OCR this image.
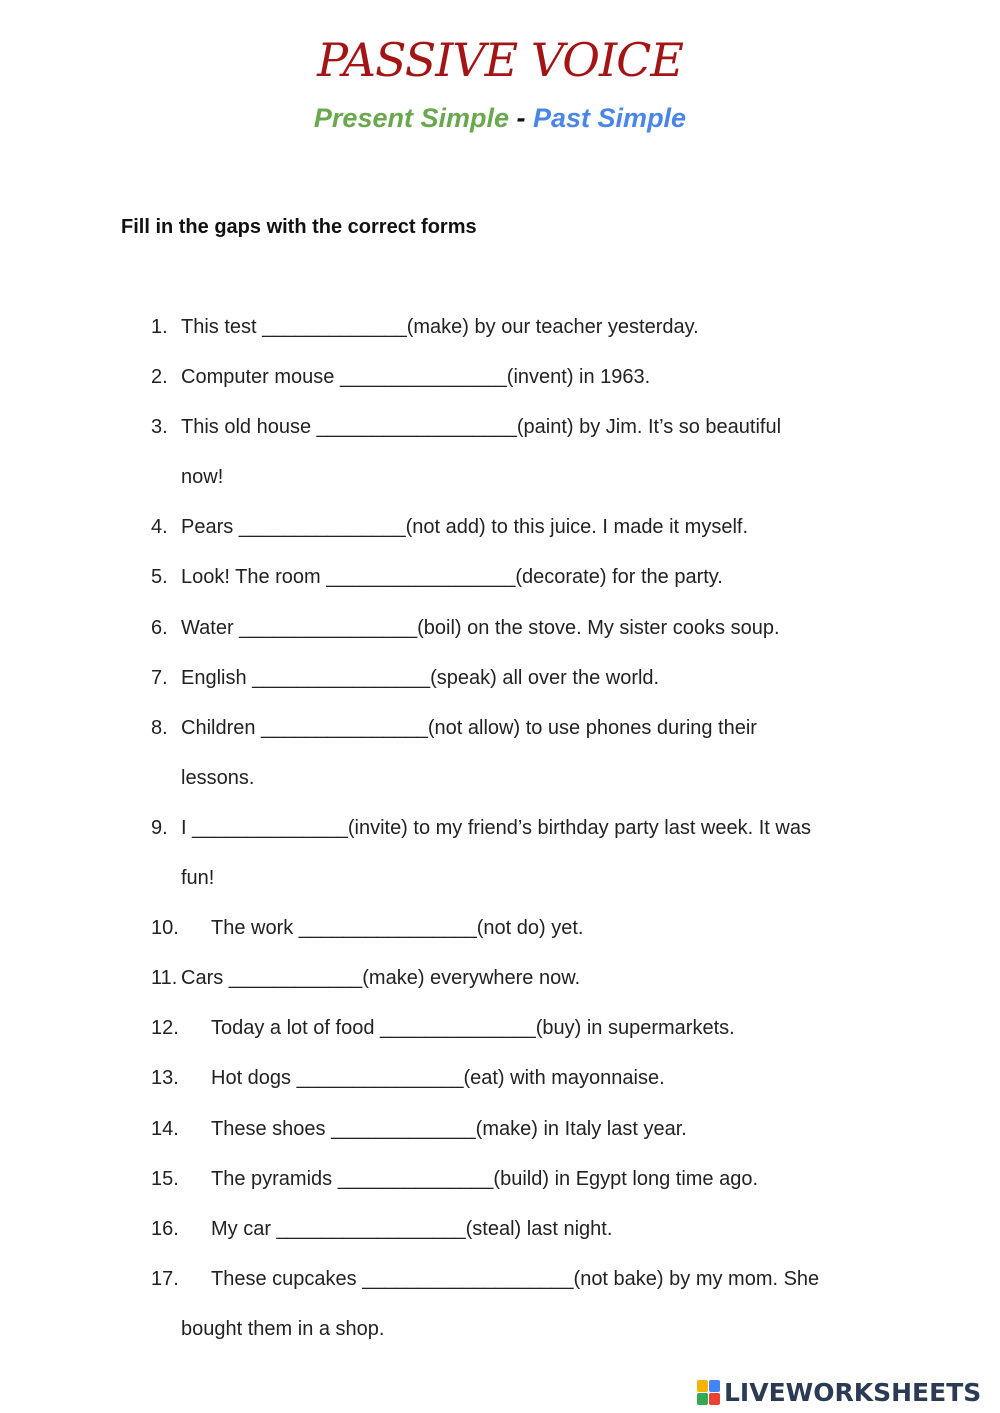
PASSIVE VOICE
Present Simple - Past Simple
Fill in the gaps with the correct forms
1. This test _____________(make) by our teacher yesterday.
2. Computer mouse _______________(invent) in 1963.
3. This old house __________________(paint) by Jim. It’s so beautiful
now!
4. Pears _______________(not add) to this juice. I made it myself.
5. Look! The room _________________(decorate) for the party.
6. Water ________________(boil) on the stove. My sister cooks soup.
7. English ________________(speak) all over the world.
8. Children _______________(not allow) to use phones during their
lessons.
9. I ______________(invite) to my friend’s birthday party last week. It was
fun!
10.	The work ________________(not do) yet.
11. Cars ____________(make) everywhere now.
12.	Today a lot of food ______________(buy) in supermarkets.
13.	Hot dogs _______________(eat) with mayonnaise.
14.	These shoes _____________(make) in Italy last year.
15.	The pyramids ______________(build) in Egypt long time ago.
16.	My car _________________(steal) last night.
17.	These cupcakes ___________________(not bake) by my mom. She
bought them in a shop.
LIVEWORKSHEETS
